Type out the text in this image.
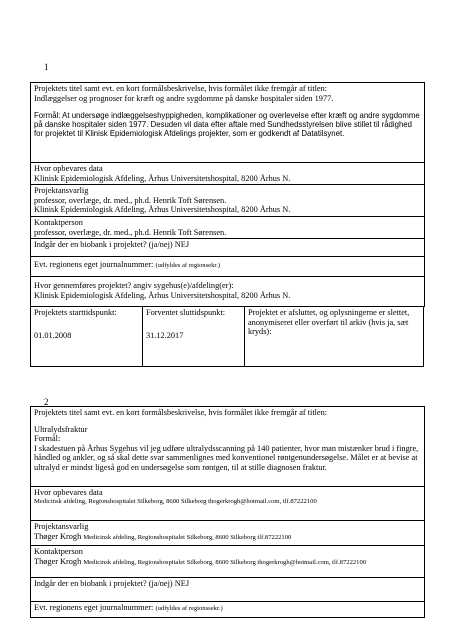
1
Projektets titel samt evt. en kort formålsbeskrivelse, hvis formålet ikke fremgår af titlen:
Indlæggelser og prognoser for kræft og andre sygdomme på danske hospitaler siden 1977.
Formål: At undersøge indlæggelseshyppigheden, komplikationer og overlevelse efter kræft og andre sygdomme på danske hospitaler siden 1977. Desuden vil data efter aftale med Sundhedsstyrelsen blive stillet til rådighed for projektet til Klinisk Epidemiologisk Afdelings projekter, som er godkendt af Datatilsynet.
Hvor opbevares data
Klinisk Epidemiologisk Afdeling, Århus Universitetshospital, 8200 Århus N.
Projektansvarlig
professor, overlæge, dr. med., ph.d. Henrik Toft Sørensen.
Klinisk Epidemiologisk Afdeling, Århus Universitetshospital, 8200 Århus N.
Kontaktperson
professor, overlæge, dr. med., ph.d. Henrik Toft Sørensen.
Indgår der en biobank i projektet? (ja/nej) NEJ
Evt. regionens eget journalnummer: (udfyldes af regionsekr.)
Hvor gennemføres projektet? angiv sygehus(e)/afdeling(er):
Klinisk Epidemiologisk Afdeling, Århus Universitetshospital, 8200 Århus N.
Projektets starttidspunkt:
01.01.2008
Forventet sluttidspunkt:
31.12.2017
Projektet er afsluttet, og oplysningerne er slettet, anonymiseret eller overført til arkiv (hvis ja, sæt kryds):
2
Projektets titel samt evt. en kort formålsbeskrivelse, hvis formålet ikke fremgår af titlen:
Ultralydsfraktur
Formål:
I skadestuen på Århus Sygehus vil jeg udføre ultralydsscanning på 140 patienter, hvor man mistænker brud i fingre, håndled og ankler, og så skal dette svar sammenlignes med konventionel røntgenundersøgelse. Målet er at bevise at ultralyd er mindst ligeså god en undersøgelse som røntgen, til at stille diagnosen fraktur.
Hvor opbevares data
Medicinsk afdeling, Regionshospitalet Silkeborg, 8600 Silkeborg thogerkrogh@hotmail.com, tlf.87222100
Projektansvarlig
Thøger Krogh Medicinsk afdeling, Regionshospitalet Silkeborg, 8600 Silkeborg tlf.87222100
Kontaktperson
Thøger Krogh Medicinsk afdeling, Regionshospitalet Silkeborg, 8600 Silkeborg thogerkrogh@hotmail.com, tlf.87222100
Indgår der en biobank i projektet? (ja/nej) NEJ
Evt. regionens eget journalnummer: (udfyldes af regionssekr.)
